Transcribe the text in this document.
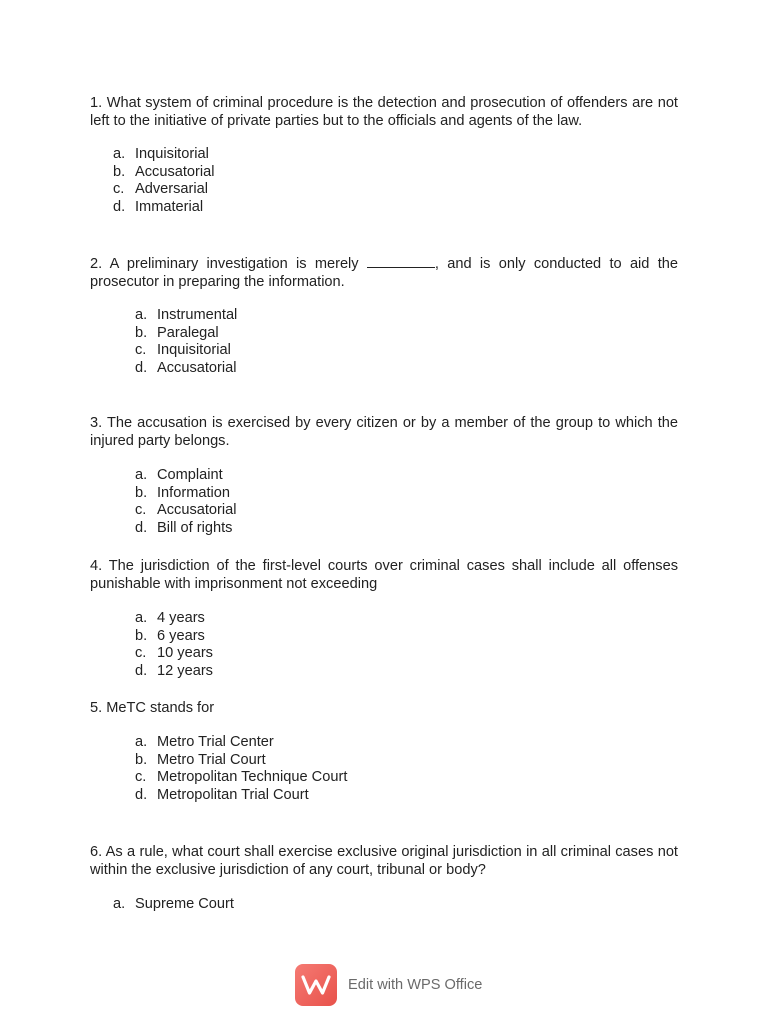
1. What system of criminal procedure is the detection and prosecution of offenders are not left to the initiative of private parties but to the officials and agents of the law.

a. Inquisitorial
b. Accusatorial
c. Adversarial
d. Immaterial

2. A preliminary investigation is merely	, and is only conducted to aid the prosecutor in preparing the information.

a. Instrumental
b. Paralegal
c. Inquisitorial
d. Accusatorial

3. The accusation is exercised by every citizen or by a member of the group to which the injured party belongs.

a. Complaint
b. Information
c. Accusatorial
d. Bill of rights

4. The jurisdiction of the first-level courts over criminal cases shall include all offenses punishable with imprisonment not exceeding

a. 4 years
b. 6 years
c. 10 years
d. 12 years

5. MeTC stands for

a. Metro Trial Center
b. Metro Trial Court
c. Metropolitan Technique Court
d. Metropolitan Trial Court

6. As a rule, what court shall exercise exclusive original jurisdiction in all criminal cases not within the exclusive jurisdiction of any court, tribunal or body?

a. Supreme Court
Edit with WPS Office
